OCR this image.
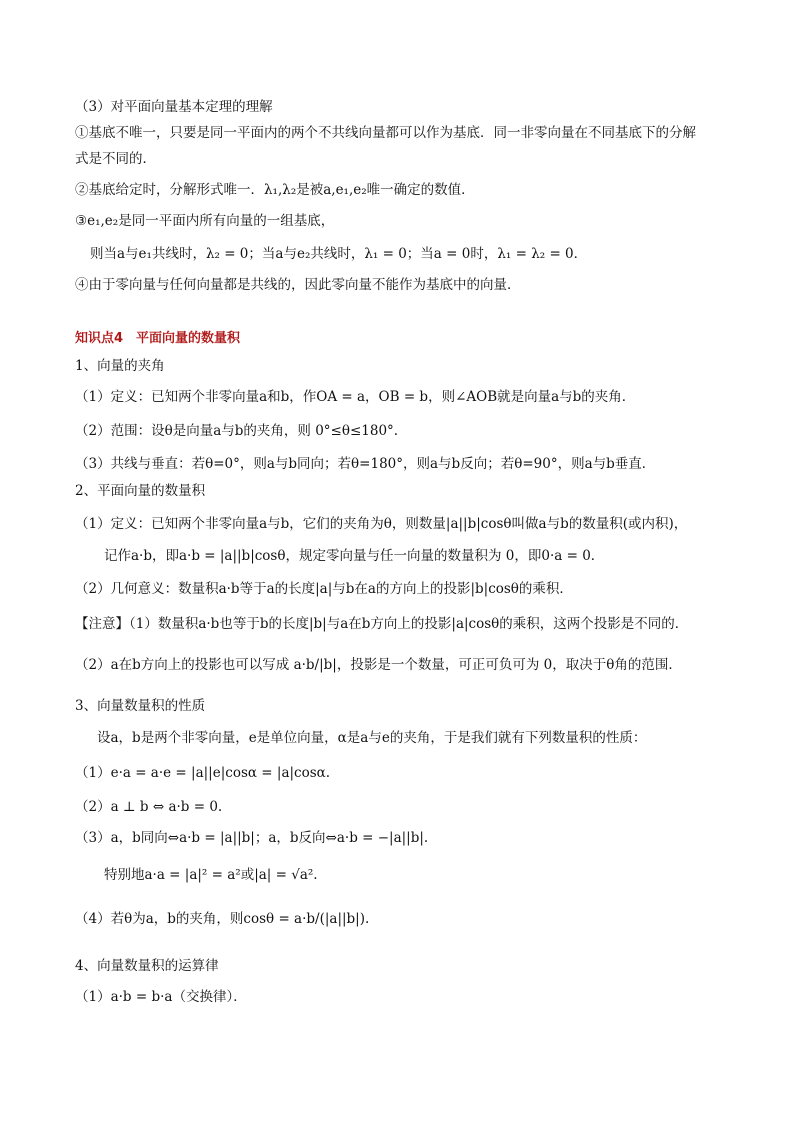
（3）对平面向量基本定理的理解
①基底不唯一，只要是同一平面内的两个不共线向量都可以作为基底．同一非零向量在不同基底下的分解
式是不同的．
②基底给定时，分解形式唯一．λ₁,λ₂是被a,e₁,e₂唯一确定的数值．
③e₁,e₂是同一平面内所有向量的一组基底，
则当a与e₁共线时，λ₂ = 0；当a与e₂共线时，λ₁ = 0；当a = 0时，λ₁ = λ₂ = 0．
④由于零向量与任何向量都是共线的，因此零向量不能作为基底中的向量．
知识点4　平面向量的数量积
1、向量的夹角
（1）定义：已知两个非零向量a和b，作OA = a，OB = b，则∠AOB就是向量a与b的夹角．
（2）范围：设θ是向量a与b的夹角，则 0°≤θ≤180°.
（3）共线与垂直：若θ=0°，则a与b同向；若θ=180°，则a与b反向；若θ=90°，则a与b垂直．
2、平面向量的数量积
（1）定义：已知两个非零向量a与b，它们的夹角为θ，则数量|a||b|cosθ叫做a与b的数量积(或内积)，
记作a·b，即a·b = |a||b|cosθ，规定零向量与任一向量的数量积为 0，即0·a = 0．
（2）几何意义：数量积a·b等于a的长度|a|与b在a的方向上的投影|b|cosθ的乘积．
【注意】（1）数量积a·b也等于b的长度|b|与a在b方向上的投影|a|cosθ的乘积，这两个投影是不同的．
（2）a在b方向上的投影也可以写成 a·b/|b|，投影是一个数量，可正可负可为 0，取决于θ角的范围．
3、向量数量积的性质
设a，b是两个非零向量，e是单位向量，α是a与e的夹角，于是我们就有下列数量积的性质：
（1）e·a = a·e = |a||e|cosα = |a|cosα.
（2）a ⊥ b ⇔ a·b = 0.
（3）a，b同向⇔a·b = |a||b|；a，b反向⇔a·b = −|a||b|.
特别地a·a = |a|² = a²或|a| = √a².
（4）若θ为a，b的夹角，则cosθ = a·b/(|a||b|).
4、向量数量积的运算律
（1）a·b = b·a（交换律）．
